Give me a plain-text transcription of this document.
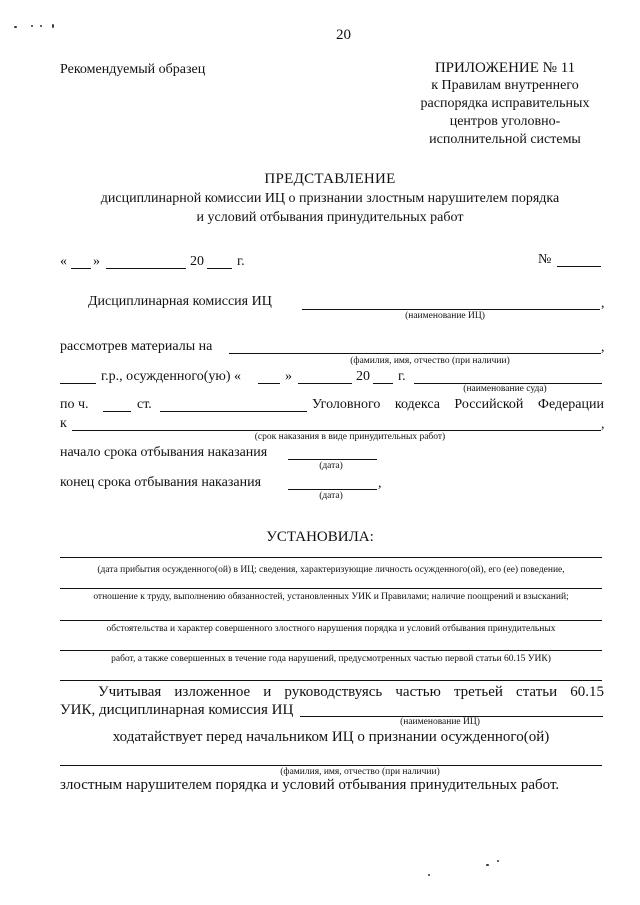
20
Рекомендуемый образец	ПРИЛОЖЕНИЕ № 11
к Правилам внутреннего
распорядка исправительных
центров уголовно-
исполнительной системы
ПРЕДСТАВЛЕНИЕ
дисциплинарной комиссии ИЦ о признании злостным нарушителем порядка
и условий отбывания принудительных работ
« »	20 г.	№
Дисциплинарная комиссия ИЦ	,
(наименование ИЦ)
рассмотрев материалы на	,
(фамилия, имя, отчество (при наличии)
г.р., осужденного(ую) «	»	20 г.
(наименование суда)
по ч.	ст.	Уголовного кодекса Российской Федерации
к	,
(срок наказания в виде принудительных работ)
начало срока отбывания наказания
(дата)
конец срока отбывания наказания	,
(дата)
УСТАНОВИЛА:
(дата прибытия осужденного(ой) в ИЦ; сведения, характеризующие личность осужденного(ой), его (ее) поведение,
отношение к труду, выполнению обязанностей, установленных УИК и Правилами; наличие поощрений и взысканий;
обстоятельства и характер совершенного злостного нарушения порядка и условий отбывания принудительных
работ, а также совершенных в течение года нарушений, предусмотренных частью первой статьи 60.15 УИК)
Учитывая изложенное и руководствуясь частью третьей статьи 60.15
УИК, дисциплинарная комиссия ИЦ
(наименование ИЦ)
ходатайствует перед начальником ИЦ о признании осужденного(ой)
(фамилия, имя, отчество (при наличии)
злостным нарушителем порядка и условий отбывания принудительных работ.
